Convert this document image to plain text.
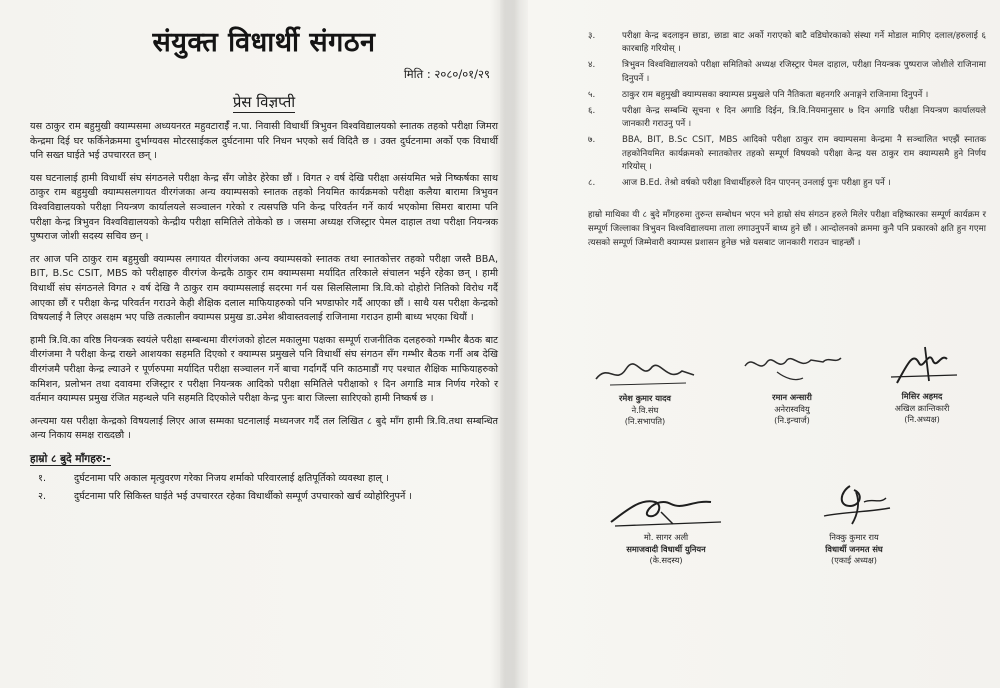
संयुक्त विधार्थी संगठन
मिति : २०८०/०१/२९
प्रेस विज्ञप्ती

यस ठाकुर राम बहुमुखी क्याम्पसमा अध्ययनरत महुवटाराईँ न.पा. निवासी विधार्थी त्रिभुवन विश्वविद्यालयको स्नातक तहको परीक्षा जिमरा केन्द्रमा दिई घर फर्किनेक्रममा दुर्भाग्यवस मोटरसाईकल दुर्घटनामा परि निधन भएको सर्व विदितै छ । उक्त दुर्घटनामा अर्को एक विधार्थी पनि सख्त घाईते भई उपचाररत छन् ।

यस घटनालाई हामी विधार्थी संघ संगठनले परीक्षा केन्द्र सँग जोडेर हेरेका छौं । विगत २ वर्ष देखि परीक्षा असंयमित भन्ने निष्कर्षका साथ ठाकुर राम बहुमुखी क्याम्पसलगायत वीरगंजका अन्य क्याम्पसको स्नातक तहको नियमित कार्यक्रमको परीक्षा कलैया बारामा त्रिभुवन विश्वविद्यालयको परीक्षा नियन्त्रण कार्यालयले सञ्चालन गरेको र त्यसपछि पनि केन्द्र परिवर्तन गर्ने कार्य भएकोमा सिमरा बारामा पनि परीक्षा केन्द्र त्रिभुवन विश्वविद्यालयको केन्द्रीय परीक्षा समितिले तोकेको छ । जसमा अध्यक्ष रजिस्ट्रार पेमल दाहाल तथा परीक्षा नियन्त्रक पुष्पराज जोशी सदस्य सचिव छन् ।

तर आज पनि ठाकुर राम बहुमुखी क्याम्पस लगायत वीरगंजका अन्य क्याम्पसको स्नातक तथा स्नातकोत्तर तहको परीक्षा जस्तै BBA, BIT, B.Sc CSIT, MBS को परीक्षाहरु वीरगंज केन्द्रकै ठाकुर राम क्याम्पसमा मर्यादित तरिकाले संचालन भईने रहेका छन् । हामी विधार्थी संघ संगठनले विगत २ वर्ष देखि नै ठाकुर राम क्याम्पसलाई सदरमा गर्न यस सिलसिलामा त्रि.वि.को दोहोरो नितिको विरोध गर्दै आएका छौं र परीक्षा केन्द्र परिवर्तन गराउने केही शैक्षिक दलाल माफियाहरुको पनि भण्डाफोर गर्दै आएका छौं । साथै यस परीक्षा केन्द्रको विषयलाई नै लिएर असक्षम भए पछि तत्कालीन क्याम्पस प्रमुख डा.उमेश श्रीवास्तवलाई राजिनामा गराउन हामी बाध्य भएका थियौं ।

हामी त्रि.वि.का वरिष्ठ नियन्त्रक स्वयंले परीक्षा सम्बन्धमा वीरगंजको होटल मकालुमा पक्षका सम्पूर्ण राजनीतिक दलहरुको गम्भीर बैठक बाट वीरगंजमा नै परीक्षा केन्द्र राख्ने आशयका सहमति दिएको र क्याम्पस प्रमुखले पनि विधार्थी संघ संगठन सँग गम्भीर बैठक गर्नी अब देखि वीरगंजमै परीक्षा केन्द्र ल्याउने र पूर्णरुपमा मर्यादित परीक्षा सञ्चालन गर्ने बाचा गर्दागर्दै पनि काठमाडौं गए पश्चात शैक्षिक माफियाहरुको कमिशन, प्रलोभन तथा दवावमा रजिस्ट्रार र परीक्षा नियन्त्रक आदिको परीक्षा समितिले परीक्षाको १ दिन अगाडि मात्र निर्णय गरेको र वर्तमान क्याम्पस प्रमुख रंजित महन्थले पनि सहमति दिएकोले परीक्षा केन्द्र पुनः बारा जिल्ला सारिएको हामी निष्कर्ष छ ।

अन्त्यमा यस परीक्षा केन्द्रको विषयलाई लिएर आज सम्मका घटनालाई मध्यनजर गर्दै तल लिखित ८ बुदे माँग हामी त्रि.वि.तथा सम्बन्धित अन्य निकाय समक्ष राख्दछौ ।

हाम्रो ८ बुदे माँगहरु:-
१.	दुर्घटनामा परि अकाल मृत्युवरण गरेका निजय शर्माको परिवारलाई क्षतिपूर्तिको व्यवस्था हाल् ।
२.	दुर्घटनामा परि सिकिस्त घाईते भई उपचाररत रहेका विधार्थीको सम्पूर्ण उपचारको खर्च व्योहोरिनुपर्ने ।
३.	परीक्षा केन्द्र बदलाइन छाडा, छाडा बाट अर्को गराएको बाटै वडिघोरकाको संस्था गर्ने मोडाल मागिए दलाल/हरुलाई ६ कारबाहि गरियोस् ।
४.	त्रिभुवन विश्वविद्यालयको परीक्षा समितिको अध्यक्ष रजिस्ट्रार पेमल दाहाल, परीक्षा नियन्त्रक पुष्पराज जोशीले राजिनामा दिनुपर्ने ।
५.	ठाकुर राम बहुमुखी क्याम्पसका क्याम्पस प्रमुखले पनि नैतिकता बहनगरि अनाङ्गने राजिनामा दिनुपर्ने ।
६.	परीक्षा केन्द्र सम्बन्धि सूचना १ दिन अगाडि दिईन, त्रि.वि.नियमानुसार ७ दिन अगाडि परीक्षा नियन्त्रण कार्यालयले जानकारी गराउनु पर्ने ।
७.	BBA, BIT, B.Sc CSIT, MBS आदिको परीक्षा ठाकुर राम क्याम्पसमा केन्द्रमा नै सञ्चालित भएझैं स्नातक तहकोनियमित कार्यक्रमको स्नातकोत्तर तहको सम्पूर्ण विषयको परीक्षा केन्द्र यस ठाकुर राम क्याम्पसमै हुने निर्णय गरियोस् ।
८.	आज B.Ed. तेश्रो वर्षको परीक्षा विधार्थीहरुले दिन पाएनन् उनलाई पुनः परीक्षा हुन पर्ने ।

हाम्रो माथिका यी ८ बुदे माँगहरुमा तुरुन्त सम्बोधन भएन भने हाम्रो संघ संगठन हरुले मिलेर परीक्षा वहिष्कारका सम्पूर्ण कार्यक्रम र सम्पूर्ण जिल्लाका त्रिभुवन विश्वविद्यालयमा ताला लगाउनुपर्ने बाध्य हुने छौं । आन्दोलनको क्रममा कुनै पनि प्रकारको क्षति हुन गएमा त्यसको सम्पूर्ण जिम्मेवारी क्याम्पस प्रशासन हुनेछ भन्ने यसबाट जानकारी गराउन चाहन्छौं ।

रमेश कुमार यादव
ने.वि.संघ
(नि.सभापति)
रमान अन्सारी
अनेरास्ववियु
(नि.इन्चार्ज)
मिसिर अहमद
अखिल क्रान्तिकारी
(नि.अध्यक्ष)
मो. सागर अली
समाजवादी विधार्थी युनियन
(के.सदस्य)
निक्कु कुमार राय
विधार्थी जनमत संघ
(एकाई अध्यक्ष)
